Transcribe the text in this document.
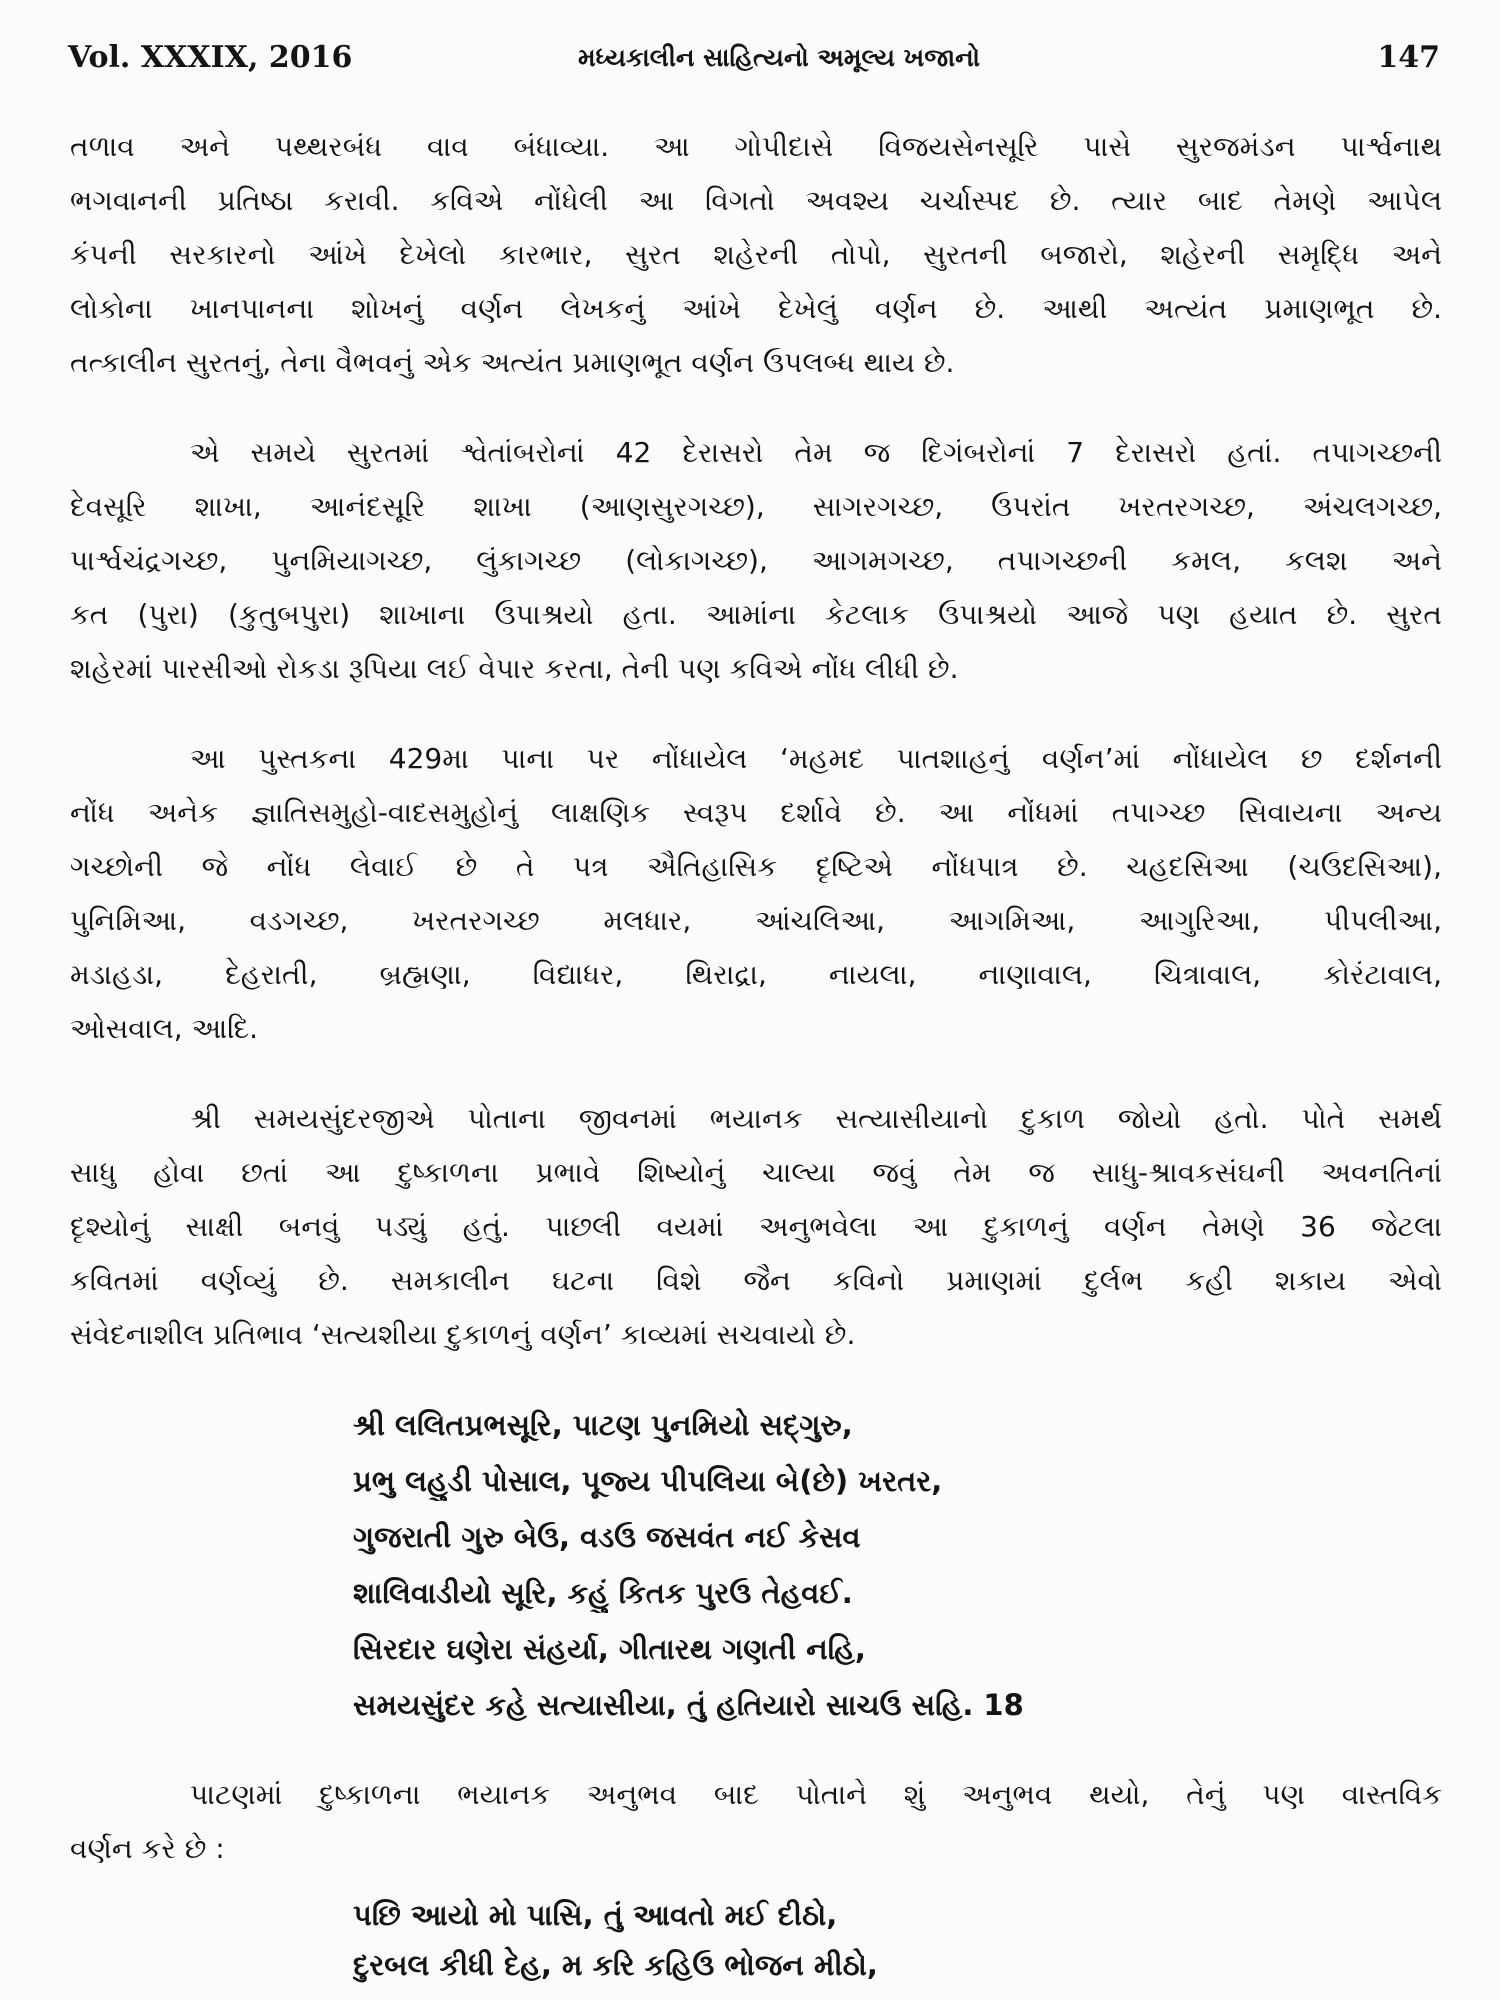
Vol. XXXIX, 2016	મધ્યકાલીન સાહિત્યનો અમૂલ્ય ખજાનો	147
તળાવ અને પથ્થરબંધ વાવ બંધાવ્યા. આ ગોપીદાસે વિજયસેનસૂરિ પાસે સુરજમંડન પાર્શ્વનાથ
ભગવાનની પ્રતિષ્ઠા કરાવી. કવિએ નોંધેલી આ વિગતો અવશ્ય ચર્ચાસ્પદ છે. ત્યાર બાદ તેમણે આપેલ
કંપની સરકારનો આંખે દેખેલો કારભાર, સુરત શહેરની તોપો, સુરતની બજારો, શહેરની સમૃદ્ધિ અને
લોકોના ખાનપાનના શોખનું વર્ણન લેખકનું આંખે દેખેલું વર્ણન છે. આથી અત્યંત પ્રમાણભૂત છે.
તત્કાલીન સુરતનું, તેના વૈભવનું એક અત્યંત પ્રમાણભૂત વર્ણન ઉપલબ્ધ થાય છે.
એ સમયે સુરતમાં શ્વેતાંબરોનાં 42 દેરાસરો તેમ જ દિગંબરોનાં 7 દેરાસરો હતાં. તપાગચ્છની
દેવસૂરિ શાખા, આનંદસૂરિ શાખા (આણસુરગચ્છ), સાગરગચ્છ, ઉપરાંત ખરતરગચ્છ, અંચલગચ્છ,
પાર્શ્વચંદ્રગચ્છ, પુનમિયાગચ્છ, લુંકાગચ્છ (લોકાગચ્છ), આગમગચ્છ, તપાગચ્છની કમલ, કલશ અને
કત (પુરા) (કુતુબપુરા) શાખાના ઉપાશ્રયો હતા. આમાંના કેટલાક ઉપાશ્રયો આજે પણ હયાત છે. સુરત
શહેરમાં પારસીઓ રોકડા રૂપિયા લઈ વેપાર કરતા, તેની પણ કવિએ નોંધ લીધી છે.
આ પુસ્તકના 429મા પાના પર નોંધાયેલ ‘મહમદ પાતશાહનું વર્ણન’માં નોંધાયેલ છ દર્શનની
નોંધ અનેક જ્ઞાતિસમુહો-વાદસમુહોનું લાક્ષણિક સ્વરૂપ દર્શાવે છે. આ નોંધમાં તપાગ્ચ્છ સિવાયના અન્ય
ગચ્છોની જે નોંધ લેવાઈ છે તે પત્ર ઐતિહાસિક દૃષ્ટિએ નોંધપાત્ર છે. ચહદસિઆ (ચઉદસિઆ),
પુનિમિઆ, વડગચ્છ, ખરતરગચ્છ મલધાર, આંચલિઆ, આગમિઆ, આગુરિઆ, પીપલીઆ,
મડાહડા, દેહરાતી, બ્રહ્મણા, વિદ્યાધર, થિરાદ્રા, નાયલા, નાણાવાલ, ચિત્રાવાલ, કોરંટાવાલ,
ઓસવાલ, આદિ.
શ્રી સમયસુંદરજીએ પોતાના જીવનમાં ભયાનક સત્યાસીયાનો દુકાળ જોયો હતો. પોતે સમર્થ
સાધુ હોવા છતાં આ દુષ્કાળના પ્રભાવે શિષ્યોનું ચાલ્યા જવું તેમ જ સાધુ-શ્રાવકસંઘની અવનતિનાં
દૃશ્યોનું સાક્ષી બનવું પડ્યું હતું. પાછલી વયમાં અનુભવેલા આ દુકાળનું વર્ણન તેમણે 36 જેટલા
કવિતમાં વર્ણવ્યું છે. સમકાલીન ઘટના વિશે જૈન કવિનો પ્રમાણમાં દુર્લભ કહી શકાય એવો
સંવેદનાશીલ પ્રતિભાવ ‘સત્યશીયા દુકાળનું વર્ણન’ કાવ્યમાં સચવાયો છે.
શ્રી લલિતપ્રભસૂરિ, પાટણ પુનમિયો સદ્ગુરુ,
પ્રભુ લહુડી પોસાલ, પૂજ્ય પીપલિયા બે(છે) ખરતર,
ગુજરાતી ગુરુ બેઉ, વડઉ જસવંત નઈ કેસવ
શાલિવાડીયો સૂરિ, કહું કિતક પુરઉ તેહવઈ.
સિરદાર ઘણેરા સંહર્યા, ગીતારથ ગણતી નહિ,
સમયસુંદર કહે સત્યાસીયા, તું હતિયારો સાચઉ સહિ. 18
પાટણમાં દુષ્કાળના ભયાનક અનુભવ બાદ પોતાને શું અનુભવ થયો, તેનું પણ વાસ્તવિક
વર્ણન કરે છે :
પછિ આયો મો પાસિ, તું આવતો મઈ દીઠો,
દુરબલ કીધી દેહ, મ કરિ કહિઉ ભોજન મીઠો,
